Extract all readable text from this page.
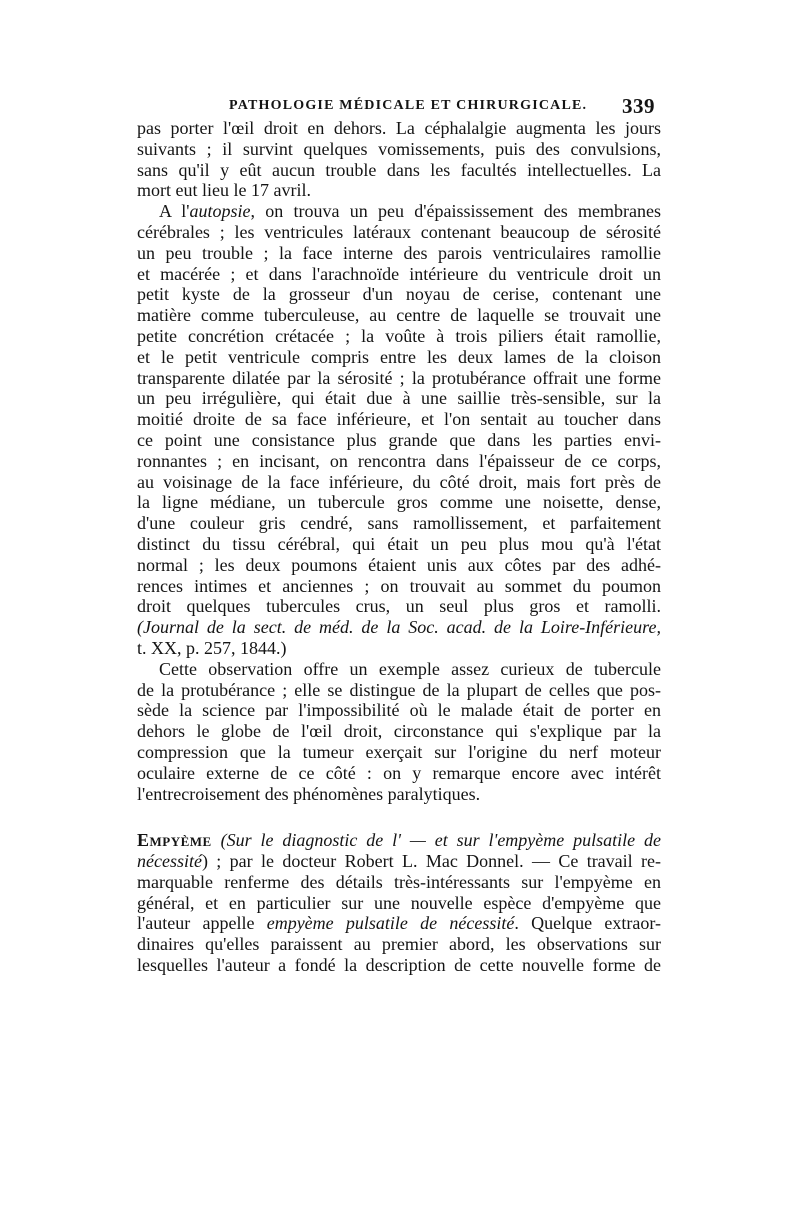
PATHOLOGIE MÉDICALE ET CHIRURGICALE. 339

pas porter l'œil droit en dehors. La céphalalgie augmenta les jours

suivants ; il survint quelques vomissements, puis des convulsions,

sans qu'il y eût aucun trouble dans les facultés intellectuelles. La

mort eut lieu le 17 avril.

A l'autopsie, on trouva un peu d'épaississement des membranes

cérébrales ; les ventricules latéraux contenant beaucoup de sérosité

un peu trouble ; la face interne des parois ventriculaires ramollie

et macérée ; et dans l'arachnoïde intérieure du ventricule droit un

petit kyste de la grosseur d'un noyau de cerise, contenant une

matière comme tuberculeuse, au centre de laquelle se trouvait une

petite concrétion crétacée ; la voûte à trois piliers était ramollie,

et le petit ventricule compris entre les deux lames de la cloison

transparente dilatée par la sérosité ; la protubérance offrait une forme

un peu irrégulière, qui était due à une saillie très-sensible, sur la

moitié droite de sa face inférieure, et l'on sentait au toucher dans

ce point une consistance plus grande que dans les parties envi-

ronnantes ; en incisant, on rencontra dans l'épaisseur de ce corps,

au voisinage de la face inférieure, du côté droit, mais fort près de

la ligne médiane, un tubercule gros comme une noisette, dense,

d'une couleur gris cendré, sans ramollissement, et parfaitement

distinct du tissu cérébral, qui était un peu plus mou qu'à l'état

normal ; les deux poumons étaient unis aux côtes par des adhé-

rences intimes et anciennes ; on trouvait au sommet du poumon

droit quelques tubercules crus, un seul plus gros et ramolli.

(Journal de la sect. de méd. de la Soc. acad. de la Loire-Inférieure,

t. XX, p. 257, 1844.)

Cette observation offre un exemple assez curieux de tubercule

de la protubérance ; elle se distingue de la plupart de celles que pos-

sède la science par l'impossibilité où le malade était de porter en

dehors le globe de l'œil droit, circonstance qui s'explique par la

compression que la tumeur exerçait sur l'origine du nerf moteur

oculaire externe de ce côté : on y remarque encore avec intérêt

l'entrecroisement des phénomènes paralytiques.

Empyème (Sur le diagnostic de l' — et sur l'empyème pulsatile de

nécessité) ; par le docteur Robert L. Mac Donnel. — Ce travail re-

marquable renferme des détails très-intéressants sur l'empyème en

général, et en particulier sur une nouvelle espèce d'empyème que

l'auteur appelle empyème pulsatile de nécessité. Quelque extraor-

dinaires qu'elles paraissent au premier abord, les observations sur

lesquelles l'auteur a fondé la description de cette nouvelle forme de
